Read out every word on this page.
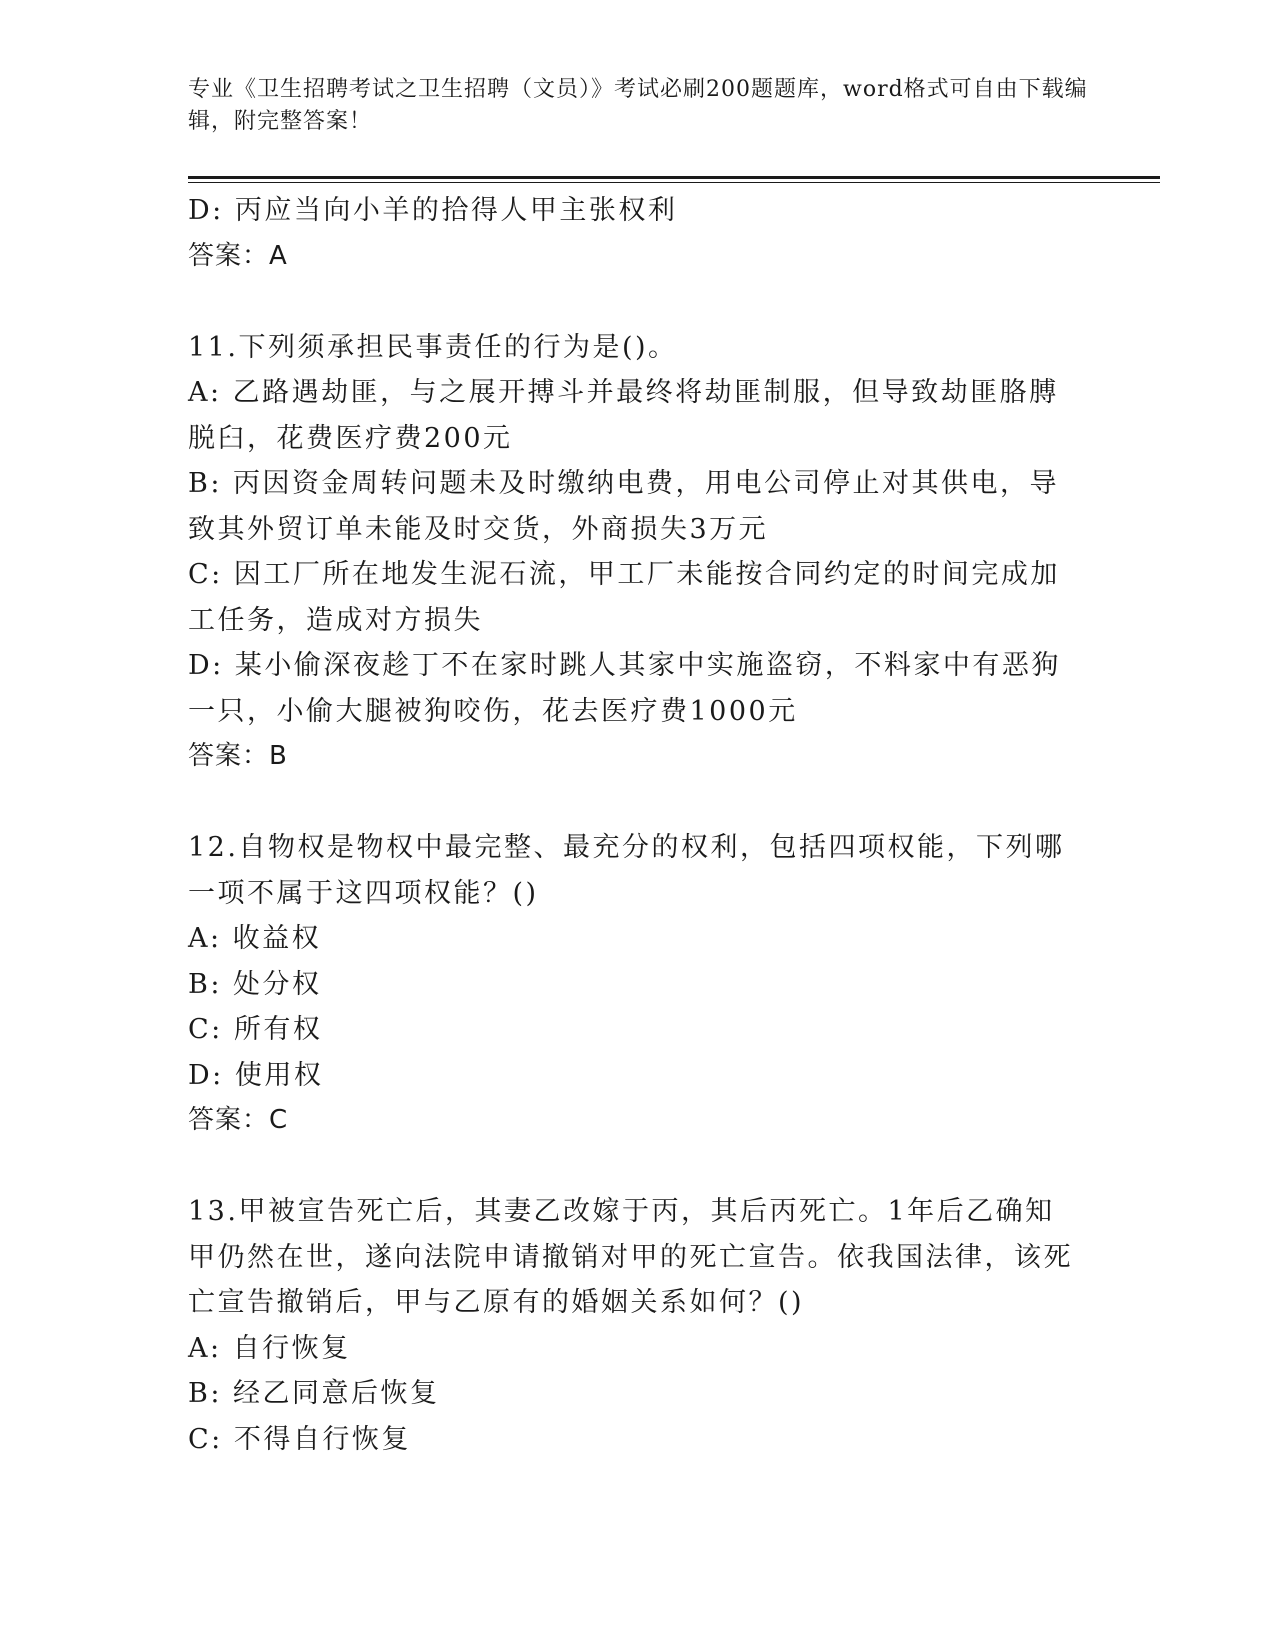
专业《卫生招聘考试之卫生招聘（文员）》考试必刷200题题库，word格式可自由下载编辑，附完整答案！
D: 丙应当向小羊的拾得人甲主张权利
答案：A
11.下列须承担民事责任的行为是()。
A: 乙路遇劫匪，与之展开搏斗并最终将劫匪制服，但导致劫匪胳膊脱臼，花费医疗费200元
B: 丙因资金周转问题未及时缴纳电费，用电公司停止对其供电，导致其外贸订单未能及时交货，外商损失3万元
C: 因工厂所在地发生泥石流，甲工厂未能按合同约定的时间完成加工任务，造成对方损失
D: 某小偷深夜趁丁不在家时跳人其家中实施盗窃，不料家中有恶狗一只，小偷大腿被狗咬伤，花去医疗费1000元
答案：B
12.自物权是物权中最完整、最充分的权利，包括四项权能，下列哪一项不属于这四项权能？()
A: 收益权
B: 处分权
C: 所有权
D: 使用权
答案：C
13.甲被宣告死亡后，其妻乙改嫁于丙，其后丙死亡。1年后乙确知甲仍然在世，遂向法院申请撤销对甲的死亡宣告。依我国法律，该死亡宣告撤销后，甲与乙原有的婚姻关系如何？()
A: 自行恢复
B: 经乙同意后恢复
C: 不得自行恢复
